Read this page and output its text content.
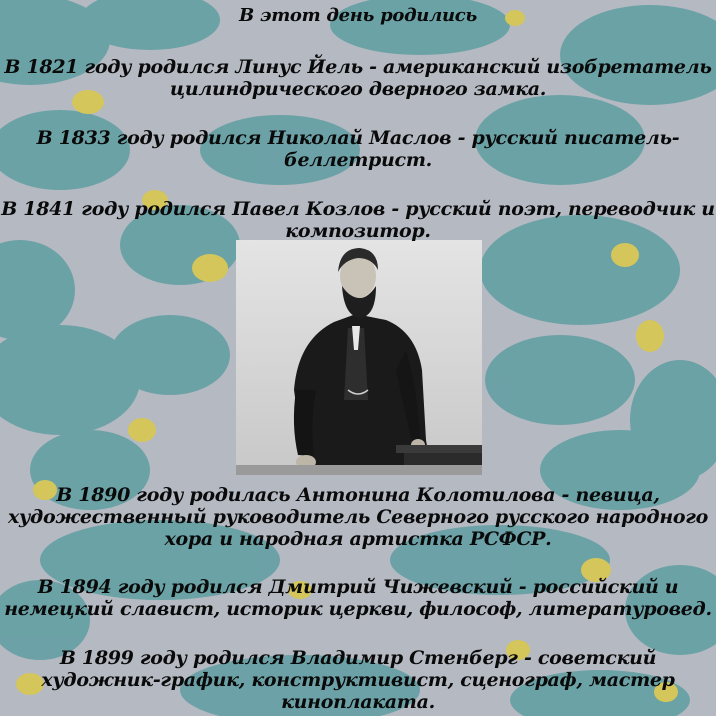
В этот день родились
В 1821 году родился Линус Йель - американский изобретатель цилиндрического дверного замка.
В 1833 году родился Николай Маслов - русский писатель-беллетрист.
В 1841 году родился Павел Козлов - русский поэт, переводчик и композитор.
В 1890 году родилась Антонина Колотилова - певица, художественный руководитель Северного русского народного хора и народная артистка РСФСР.
В 1894 году родился Дмитрий Чижевский - российский и немецкий славист, историк церкви, философ, литературовед.
В 1899 году родился Владимир Стенберг - советский художник-график, конструктивист, сценограф, мастер киноплаката.
